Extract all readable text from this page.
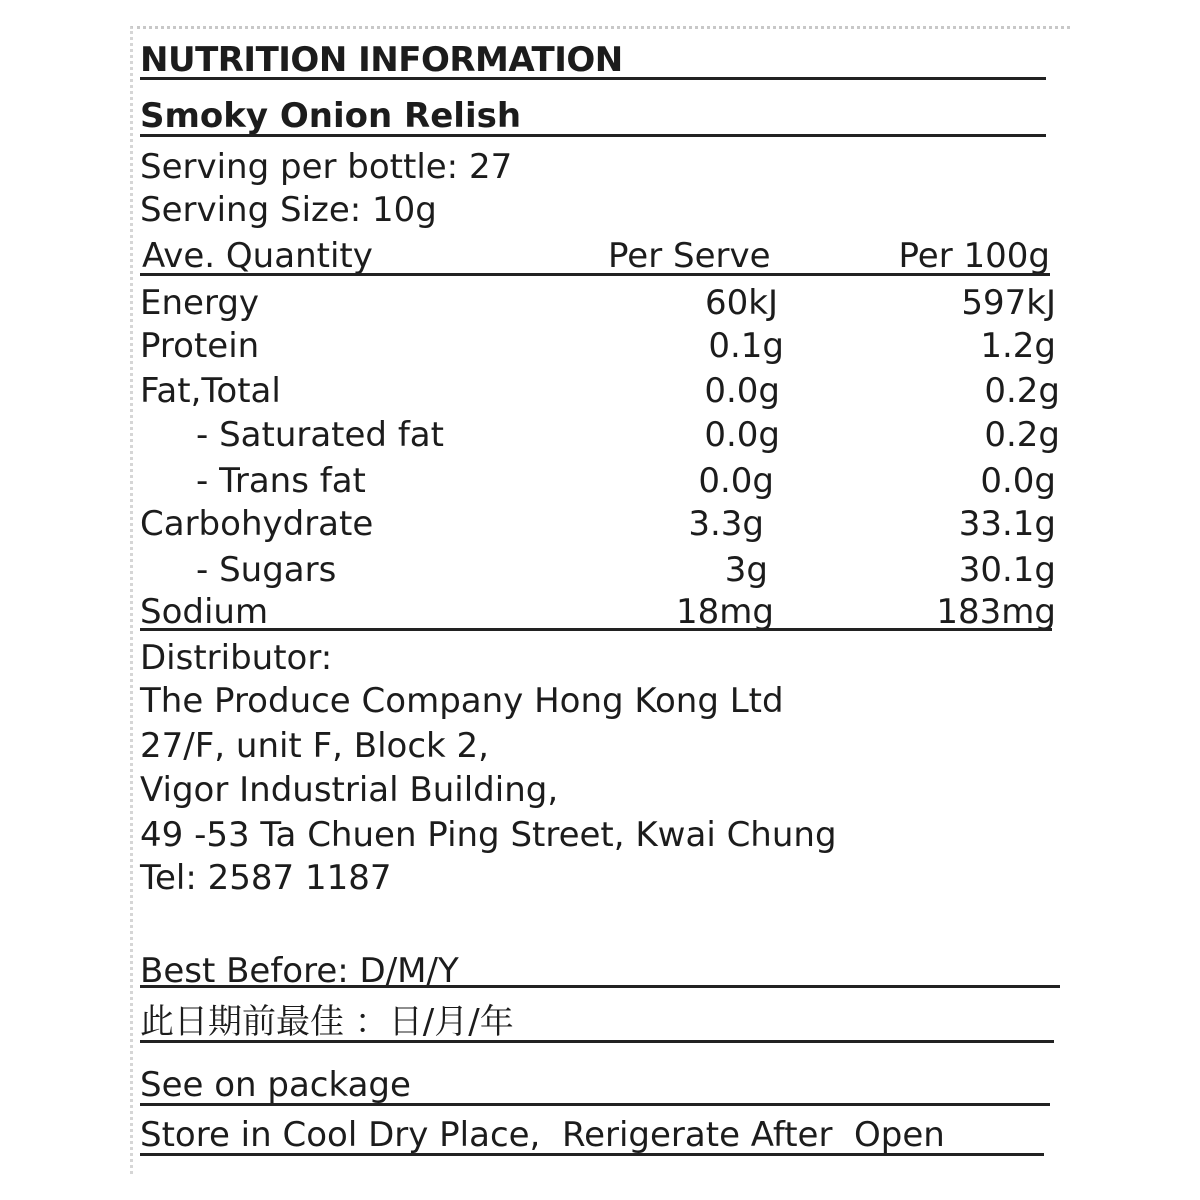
NUTRITION INFORMATION
Smoky Onion Relish
Serving per bottle: 27
Serving Size: 10g
Ave. Quantity	Per Serve	Per 100g
Energy	60kJ	597kJ
Protein	0.1g	1.2g
Fat,Total	0.0g	0.2g
- Saturated fat	0.0g	0.2g
- Trans fat	0.0g	0.0g
Carbohydrate	3.3g	33.1g
- Sugars	3g	30.1g
Sodium	18mg	183mg
Distributor:
The Produce Company Hong Kong Ltd
27/F, unit F, Block 2,
Vigor Industrial Building,
49 -53 Ta Chuen Ping Street, Kwai Chung
Tel: 2587 1187
Best Before: D/M/Y
此日期前最佳 ：日/月/年
See on package
Store in Cool Dry Place,  Rerigerate After  Open
